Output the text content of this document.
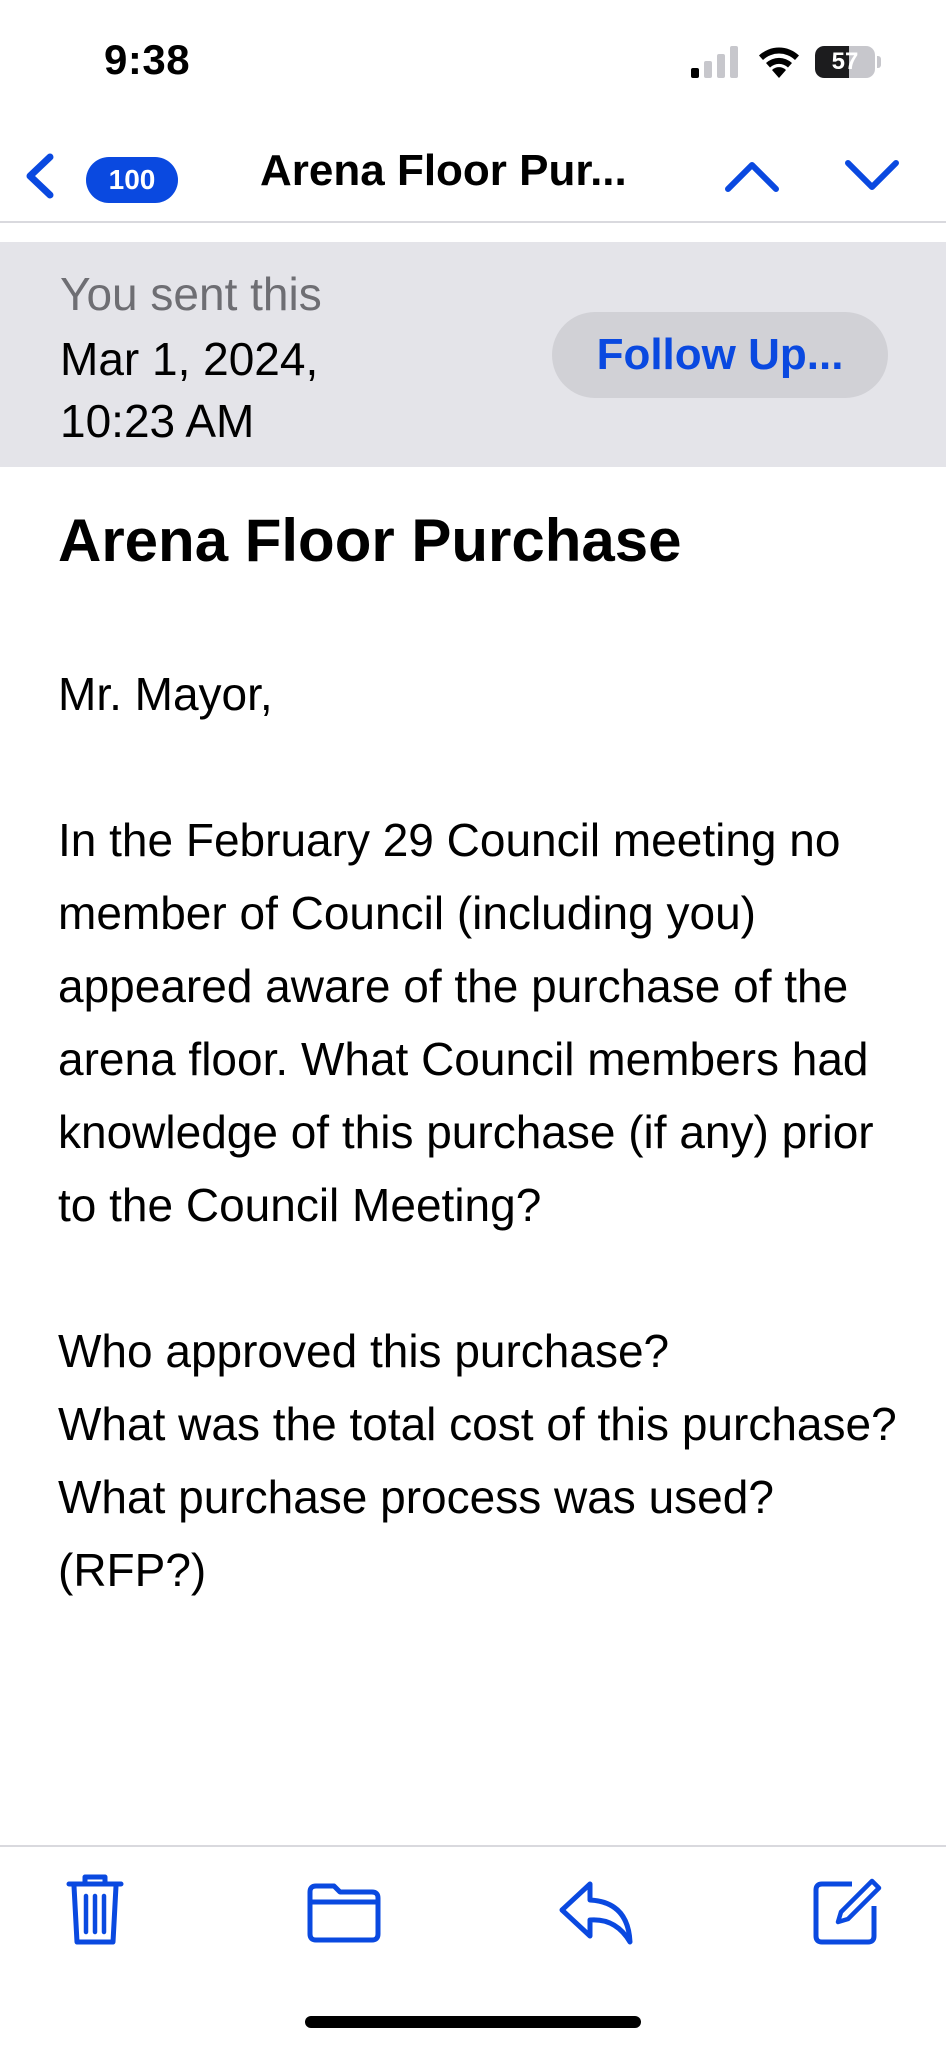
9:38	57
100	Arena Floor Pur...
You sent this
Mar 1, 2024,
10:23 AM
Follow Up...
Arena Floor Purchase

Mr. Mayor,

In the February 29 Council meeting no member of Council (including you) appeared aware of the purchase of the arena floor. What Council members had knowledge of this purchase (if any) prior to the Council Meeting?

Who approved this purchase?

What was the total cost of this purchase?

What purchase process was used? (RFP?)
